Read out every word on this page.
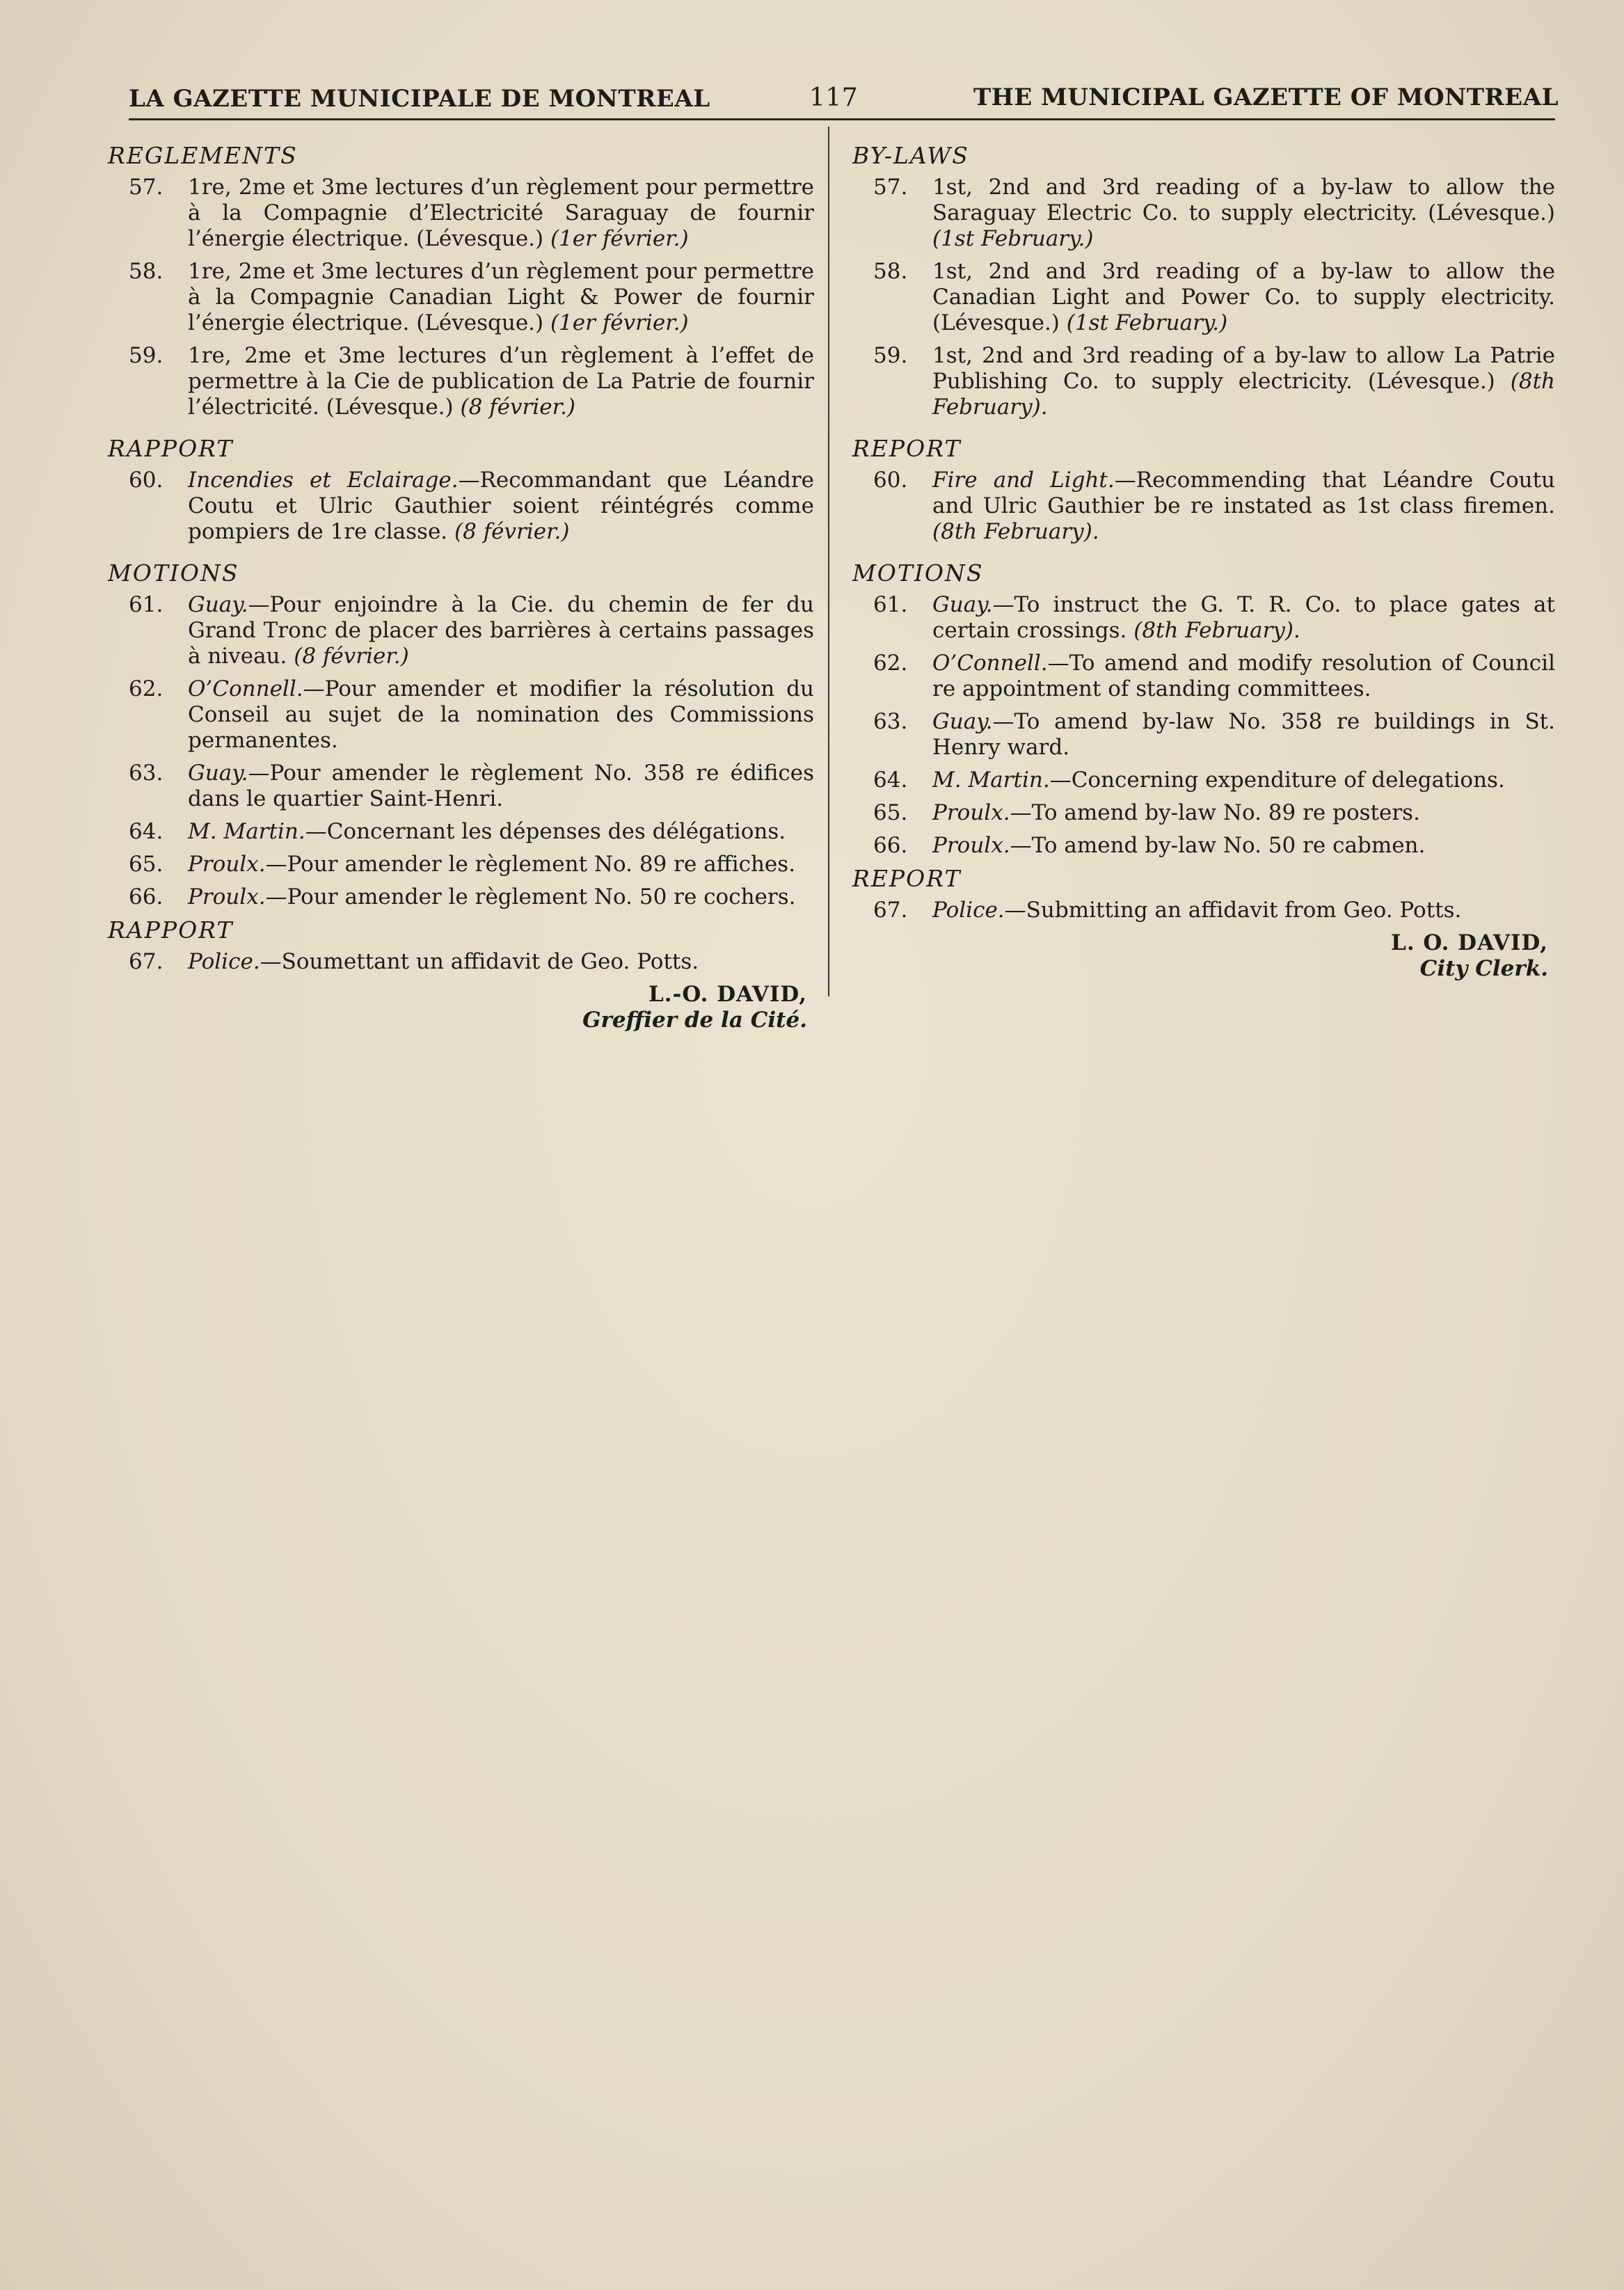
LA GAZETTE MUNICIPALE DE MONTREAL	117	THE MUNICIPAL GAZETTE OF MONTREAL
REGLEMENTS
57. 1re, 2me et 3me lectures d’un règlement pour permettre à la Compagnie d’Electricité Saraguay de fournir l’énergie électrique. (Lévesque.) (1er février.)
58. 1re, 2me et 3me lectures d’un règlement pour permettre à la Compagnie Canadian Light & Power de fournir l’énergie électrique. (Lévesque.) (1er février.)
59. 1re, 2me et 3me lectures d’un règlement à l’effet de permettre à la Cie de publication de La Patrie de fournir l’électricité. (Lévesque.) (8 février.)
RAPPORT
60. Incendies et Eclairage.—Recommandant que Léandre Coutu et Ulric Gauthier soient réintégrés comme pompiers de 1re classe. (8 février.)
MOTIONS
61. Guay.—Pour enjoindre à la Cie. du chemin de fer du Grand Tronc de placer des barrières à certains passages à niveau. (8 février.)
62. O’Connell.—Pour amender et modifier la résolution du Conseil au sujet de la nomination des Commissions permanentes.
63. Guay.—Pour amender le règlement No. 358 re édifices dans le quartier Saint-Henri.
64. M. Martin.—Concernant les dépenses des délégations.
65. Proulx.—Pour amender le règlement No. 89 re affiches.
66. Proulx.—Pour amender le règlement No. 50 re cochers.
RAPPORT
67. Police.—Soumettant un affidavit de Geo. Potts.
L.-O. DAVID,
Greffier de la Cité.
BY-LAWS
57. 1st, 2nd and 3rd reading of a by-law to allow the Saraguay Electric Co. to supply electricity. (Lévesque.) (1st February.)
58. 1st, 2nd and 3rd reading of a by-law to allow the Canadian Light and Power Co. to supply electricity. (Lévesque.) (1st February.)
59. 1st, 2nd and 3rd reading of a by-law to allow La Patrie Publishing Co. to supply electricity. (Lévesque.) (8th February).
REPORT
60. Fire and Light.—Recommending that Léandre Coutu and Ulric Gauthier be re instated as 1st class firemen. (8th February).
MOTIONS
61. Guay.—To instruct the G. T. R. Co. to place gates at certain crossings. (8th February).
62. O’Connell.—To amend and modify resolution of Council re appointment of standing committees.
63. Guay.—To amend by-law No. 358 re buildings in St. Henry ward.
64. M. Martin.—Concerning expenditure of delegations.
65. Proulx.—To amend by-law No. 89 re posters.
66. Proulx.—To amend by-law No. 50 re cabmen.
REPORT
67. Police.—Submitting an affidavit from Geo. Potts.
L. O. DAVID,
City Clerk.
